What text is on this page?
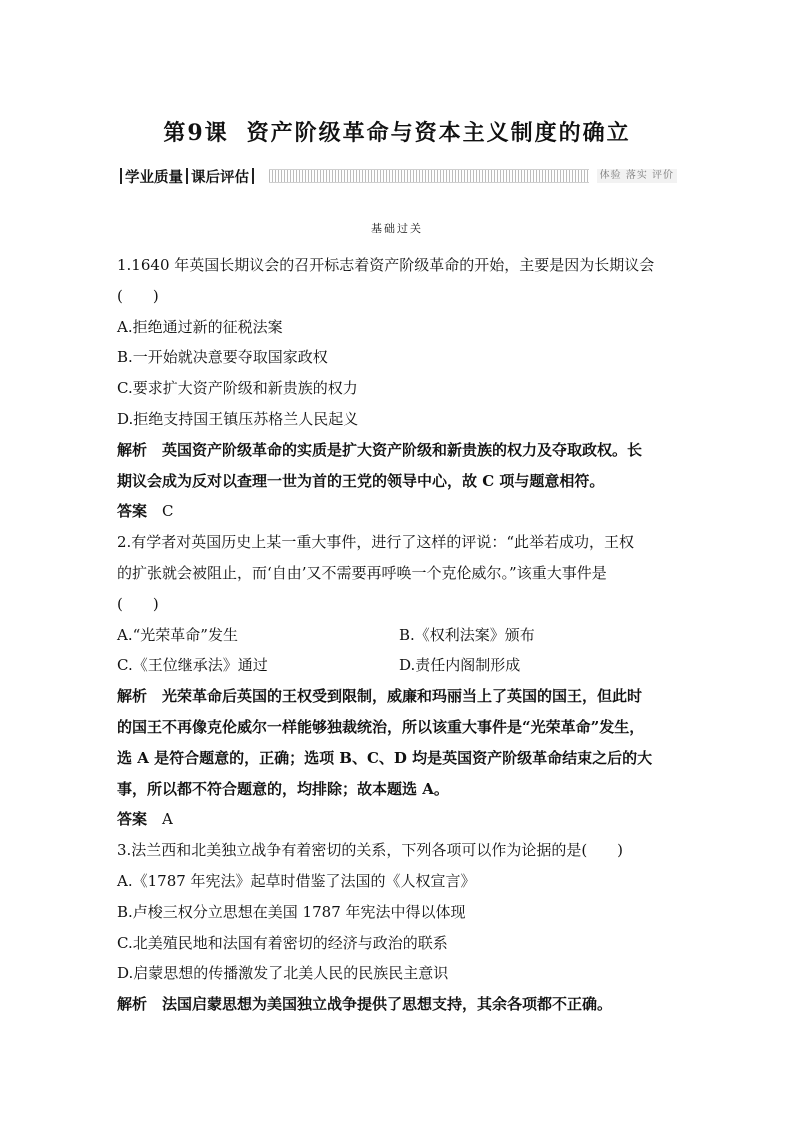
第9课 资产阶级革命与资本主义制度的确立
学业质量 课后评估	体验 落实 评价
基础过关
1.1640 年英国长期议会的召开标志着资产阶级革命的开始，主要是因为长期议会
(　　)
A.拒绝通过新的征税法案
B.一开始就决意要夺取国家政权
C.要求扩大资产阶级和新贵族的权力
D.拒绝支持国王镇压苏格兰人民起义
解析　 英国资产阶级革命的实质是扩大资产阶级和新贵族的权力及夺取政权。长
期议会成为反对以查理一世为首的王党的领导中心，故 C 项与题意相符。
答案　 C
2.有学者对英国历史上某一重大事件，进行了这样的评说：“此举若成功，王权
的扩张就会被阻止，而‘自由’又不需要再呼唤一个克伦威尔。”该重大事件是
(　　)
A.“光荣革命”发生	B.《权利法案》颁布
C.《王位继承法》通过	D.责任内阁制形成
解析　 光荣革命后英国的王权受到限制，威廉和玛丽当上了英国的国王，但此时
的国王不再像克伦威尔一样能够独裁统治，所以该重大事件是“光荣革命”发生，
选 A 是符合题意的，正确；选项 B、C、D 均是英国资产阶级革命结束之后的大
事，所以都不符合题意的，均排除；故本题选 A。
答案　 A
3.法兰西和北美独立战争有着密切的关系，下列各项可以作为论据的是(　　)
A.《1787 年宪法》起草时借鉴了法国的《人权宣言》
B.卢梭三权分立思想在美国 1787 年宪法中得以体现
C.北美殖民地和法国有着密切的经济与政治的联系
D.启蒙思想的传播激发了北美人民的民族民主意识
解析　 法国启蒙思想为美国独立战争提供了思想支持，其余各项都不正确。
